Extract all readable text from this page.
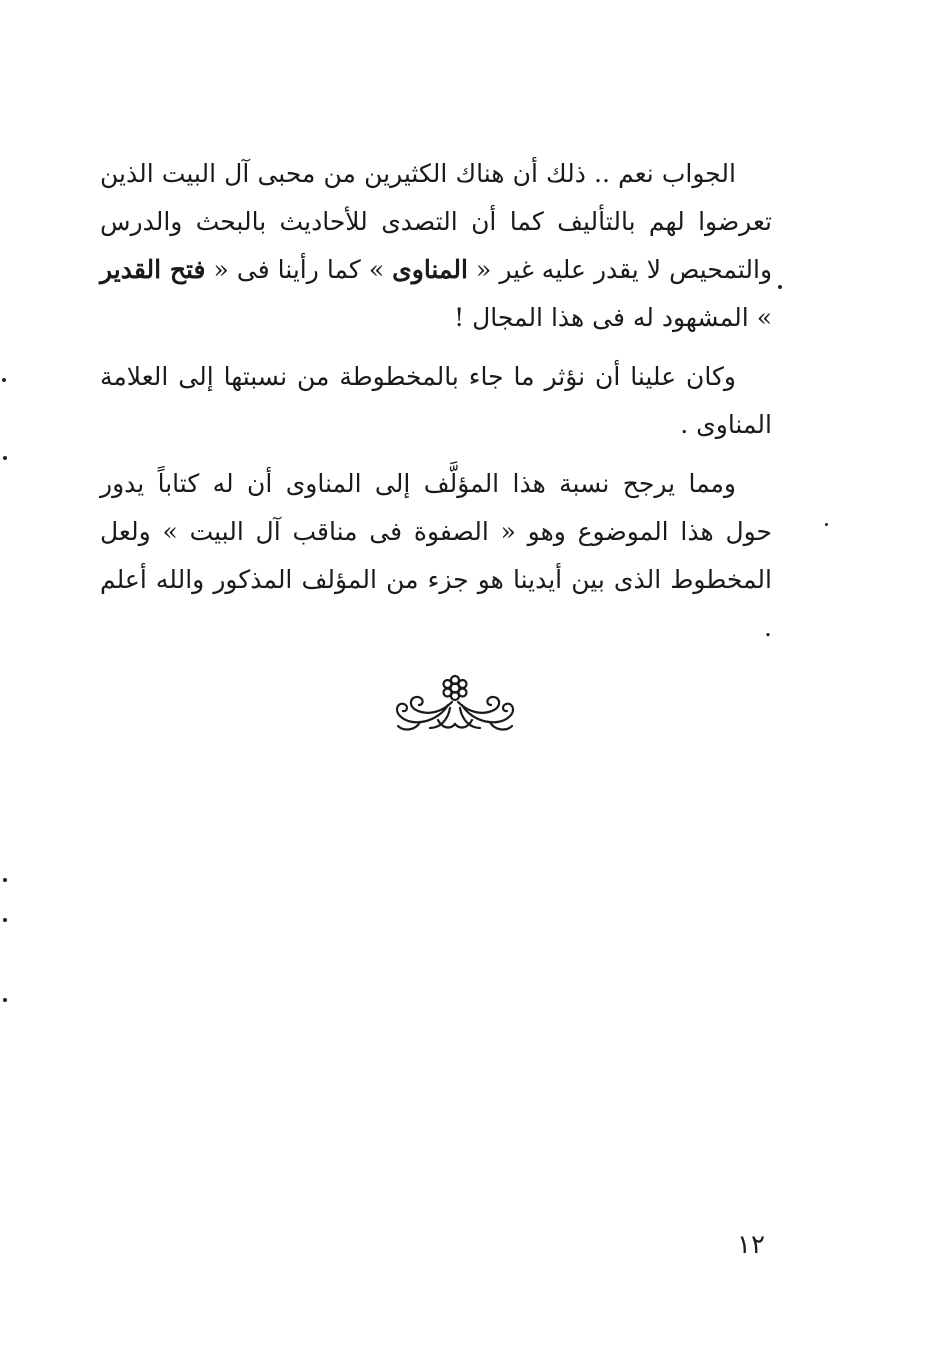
الجواب نعم .. ذلك أن هناك الكثيرين من محبى آل البيت الذين تعرضوا لهم بالتأليف كما أن التصدى للأحاديث بالبحث والدرس والتمحيص لا يقدر عليه غير « المناوى » كما رأينا فى « فتح القدير » المشهود له فى هذا المجال !

وكان علينا أن نؤثر ما جاء بالمخطوطة من نسبتها إلى العلامة المناوى .

ومما يرجح نسبة هذا المؤلَّف إلى المناوى أن له كتاباً يدور حول هذا الموضوع وهو « الصفوة فى مناقب آل البيت » ولعل المخطوط الذى بين أيدينا هو جزء من المؤلف المذكور والله أعلم .

١٢
